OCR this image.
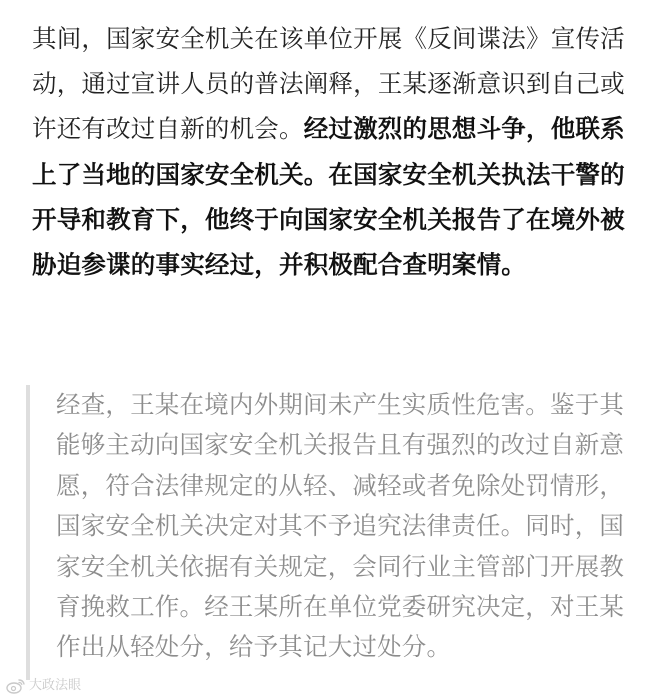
其间，国家安全机关在该单位开展《反间谍法》宣传活动，通过宣讲人员的普法阐释，王某逐渐意识到自己或许还有改过自新的机会。经过激烈的思想斗争，他联系上了当地的国家安全机关。在国家安全机关执法干警的开导和教育下，他终于向国家安全机关报告了在境外被胁迫参谍的事实经过，并积极配合查明案情。

经查，王某在境内外期间未产生实质性危害。鉴于其能够主动向国家安全机关报告且有强烈的改过自新意愿，符合法律规定的从轻、减轻或者免除处罚情形，国家安全机关决定对其不予追究法律责任。同时，国家安全机关依据有关规定，会同行业主管部门开展教育挽救工作。经王某所在单位党委研究决定，对王某作出从轻处分，给予其记大过处分。

大政法眼
